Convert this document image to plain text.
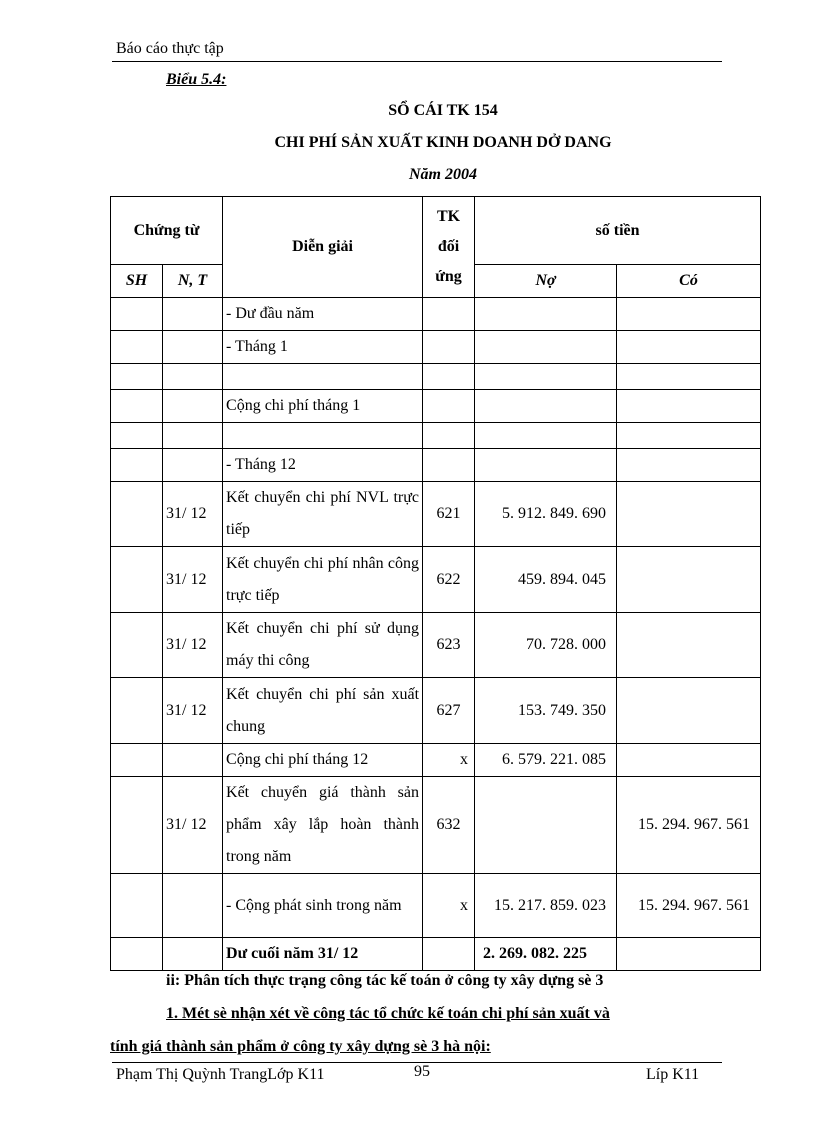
Báo cáo thực tập
Biểu 5.4:
SỔ CÁI TK 154
CHI PHÍ SẢN XUẤT KINH DOANH DỞ DANG
Năm 2004
Chứng từ		Diễn giải	TK
đối
ứng	số tiền	
SH	N, T			Nợ	Có
		- Dư đầu năm			
		- Tháng 1			

		Cộng chi phí tháng 1			

		- Tháng 12			
	31/ 12	Kết chuyển chi phí NVL trực tiếp	621	5. 912. 849. 690	
	31/ 12	Kết chuyển chi phí nhân công trực tiếp	622	459. 894. 045	
	31/ 12	Kết chuyển chi phí sử dụng máy thi công	623	70. 728. 000	
	31/ 12	Kết chuyển chi phí sản xuất chung	627	153. 749. 350	
		Cộng chi phí tháng 12	x	6. 579. 221. 085	
	31/ 12	Kết chuyển giá thành sản phẩm xây lắp hoàn thành trong năm	632		15. 294. 967. 561
		- Cộng phát sinh trong năm	x	15. 217. 859. 023	15. 294. 967. 561
		Dư cuối năm 31/ 12		2. 269. 082. 225	
ii: Phân tích thực trạng công tác kế toán ở công ty xây dựng sè 3
1. Mét sè nhận xét về công tác tổ chức kế toán chi phí sản xuất và
tính giá thành sản phẩm ở công ty xây dựng sè 3 hà nội:
Phạm Thị Quỳnh TrangLớp K11	95	Líp K11
